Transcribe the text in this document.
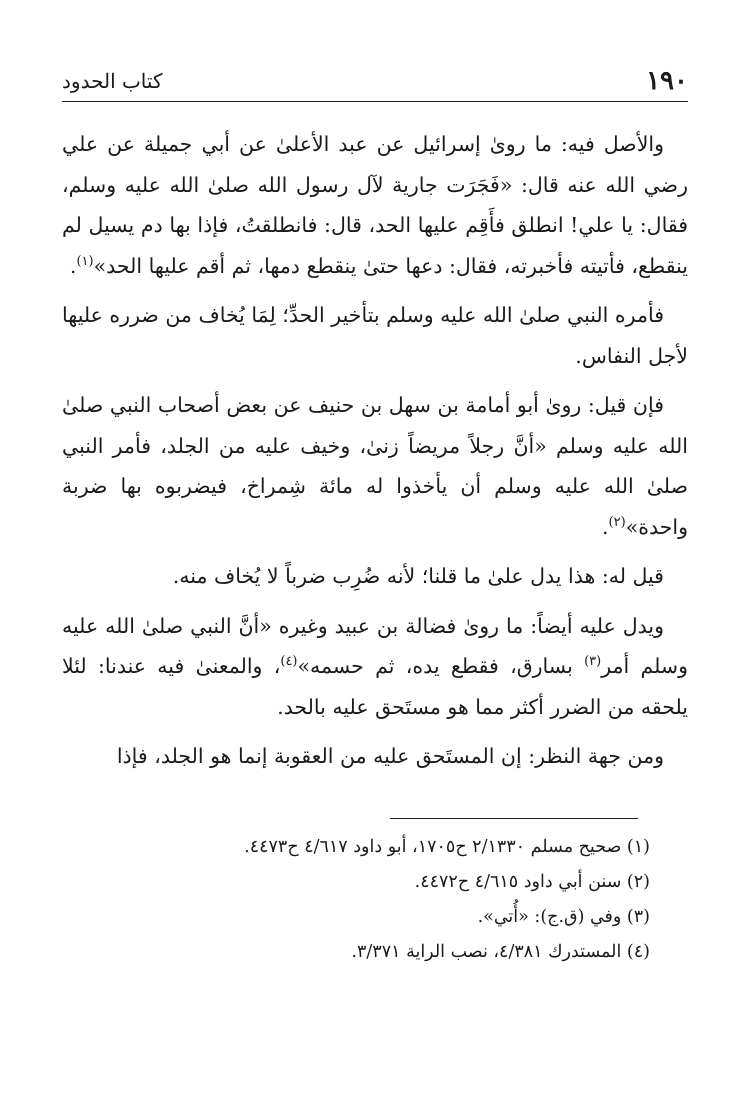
١٩٠
كتاب الحدود

والأصل فيه: ما روىٰ إسرائيل عن عبد الأعلىٰ عن أبي جميلة عن علي رضي الله عنه قال: «فَجَرَت جارية لآل رسول الله صلىٰ الله عليه وسلم، فقال: يا علي! انطلق فأَقِم عليها الحد، قال: فانطلقتُ، فإذا بها دم يسيل لم ينقطع، فأتيته فأخبرته، فقال: دعها حتىٰ ينقطع دمها، ثم أقم عليها الحد»$^{(١)}$.

فأمره النبي صلىٰ الله عليه وسلم بتأخير الحدِّ؛ لِمَا يُخاف من ضرره عليها لأجل النفاس.

فإن قيل: روىٰ أبو أمامة بن سهل بن حنيف عن بعض أصحاب النبي صلىٰ الله عليه وسلم «أنَّ رجلاً مريضاً زنىٰ، وخيف عليه من الجلد، فأمر النبي صلىٰ الله عليه وسلم أن يأخذوا له مائة شِمراخ، فيضربوه بها ضربة واحدة»$^{(٢)}$.

قيل له: هذا يدل علىٰ ما قلنا؛ لأنه ضُرِب ضرباً لا يُخاف منه.

ويدل عليه أيضاً: ما روىٰ فضالة بن عبيد وغيره «أنَّ النبي صلىٰ الله عليه وسلم أمر$^{(٣)}$ بسارق، فقطع يده، ثم حسمه»$^{(٤)}$، والمعنىٰ فيه عندنا: لئلا يلحقه من الضرر أكثر مما هو مستَحق عليه بالحد.

ومن جهة النظر: إن المستَحق عليه من العقوبة إنما هو الجلد، فإذا

(١) صحيح مسلم ٢/١٣٣٠ ح١٧٠٥، أبو داود ٤/٦١٧ ح٤٤٧٣.
(٢) سنن أبي داود ٤/٦١٥ ح٤٤٧٢.
(٣) وفي (ق.ج): «أُتي».
(٤) المستدرك ٤/٣٨١، نصب الراية ٣/٣٧١.
